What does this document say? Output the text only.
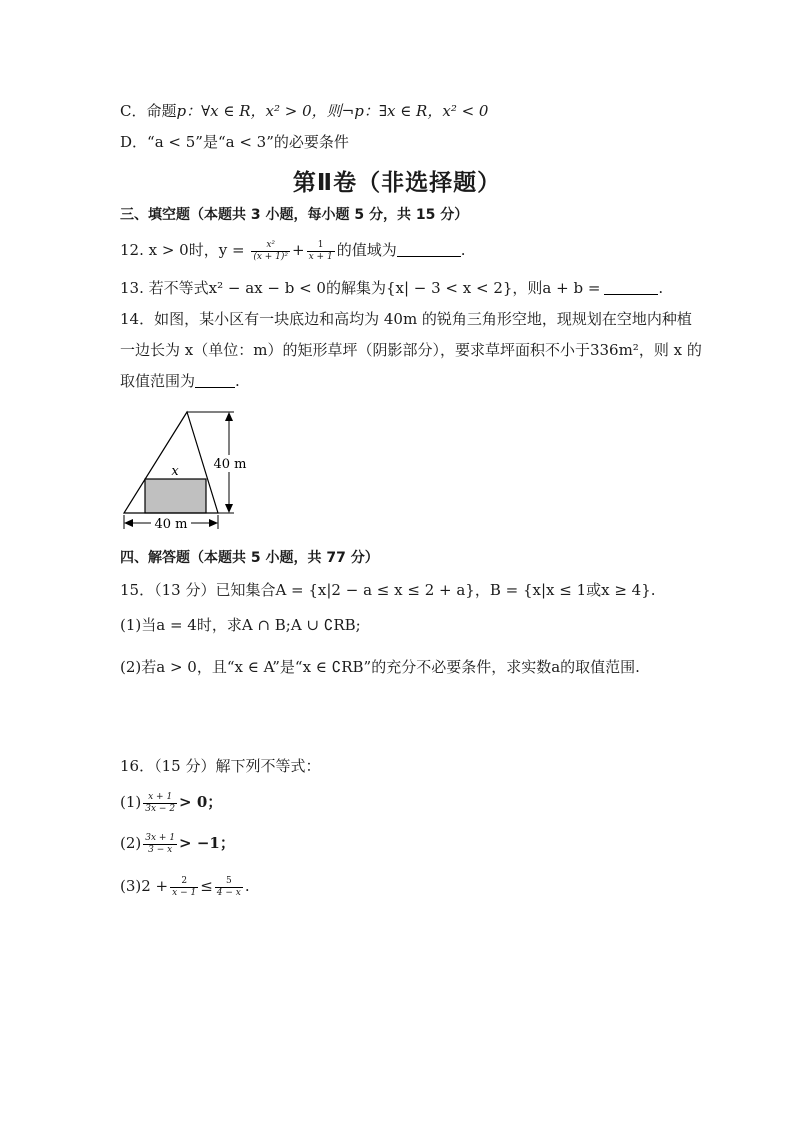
C．命题p：∀x ∈ R，x² > 0，则¬p：∃x ∈ R，x² < 0
D．“a < 5”是“a < 3”的必要条件
第Ⅱ卷（非选择题）
三、填空题（本题共 3 小题，每小题 5 分，共 15 分）
12. x > 0时，$y = \frac{\text{x²}}{\text{(x + 1)²}} + \frac{1}{x + 1}$ 的值域为	.
13. 若不等式x² − ax − b < 0的解集为{x| − 3 < x < 2}，则a + b =	.
14．如图，某小区有一块底边和高均为 40m 的锐角三角形空地，现规划在空地内种植
一边长为 x（单位：m）的矩形草坪（阴影部分），要求草坪面积不小于336m²，则 x 的
取值范围为	.
40 m
40 m
x
四、解答题（本题共 5 小题，共 77 分）
15．（13 分）已知集合A = {x|2 − a ≤ x ≤ 2 + a}，B = {x|x ≤ 1或x ≥ 4}.
(1)当a = 4时，求A ∩ B;A ∪ ∁RB;
(2)若a > 0，且“x ∈ A”是“x ∈ ∁RB”的充分不必要条件，求实数a的取值范围.
16．（15 分）解下列不等式：
$(1) \frac{x + 1}{3x - 2} > 0$；
$(2) \frac{3x + 1}{3 - x} > -1$；
$(3)2 + \frac{2}{x - 1} \le \frac{5}{4 - x}$ .
